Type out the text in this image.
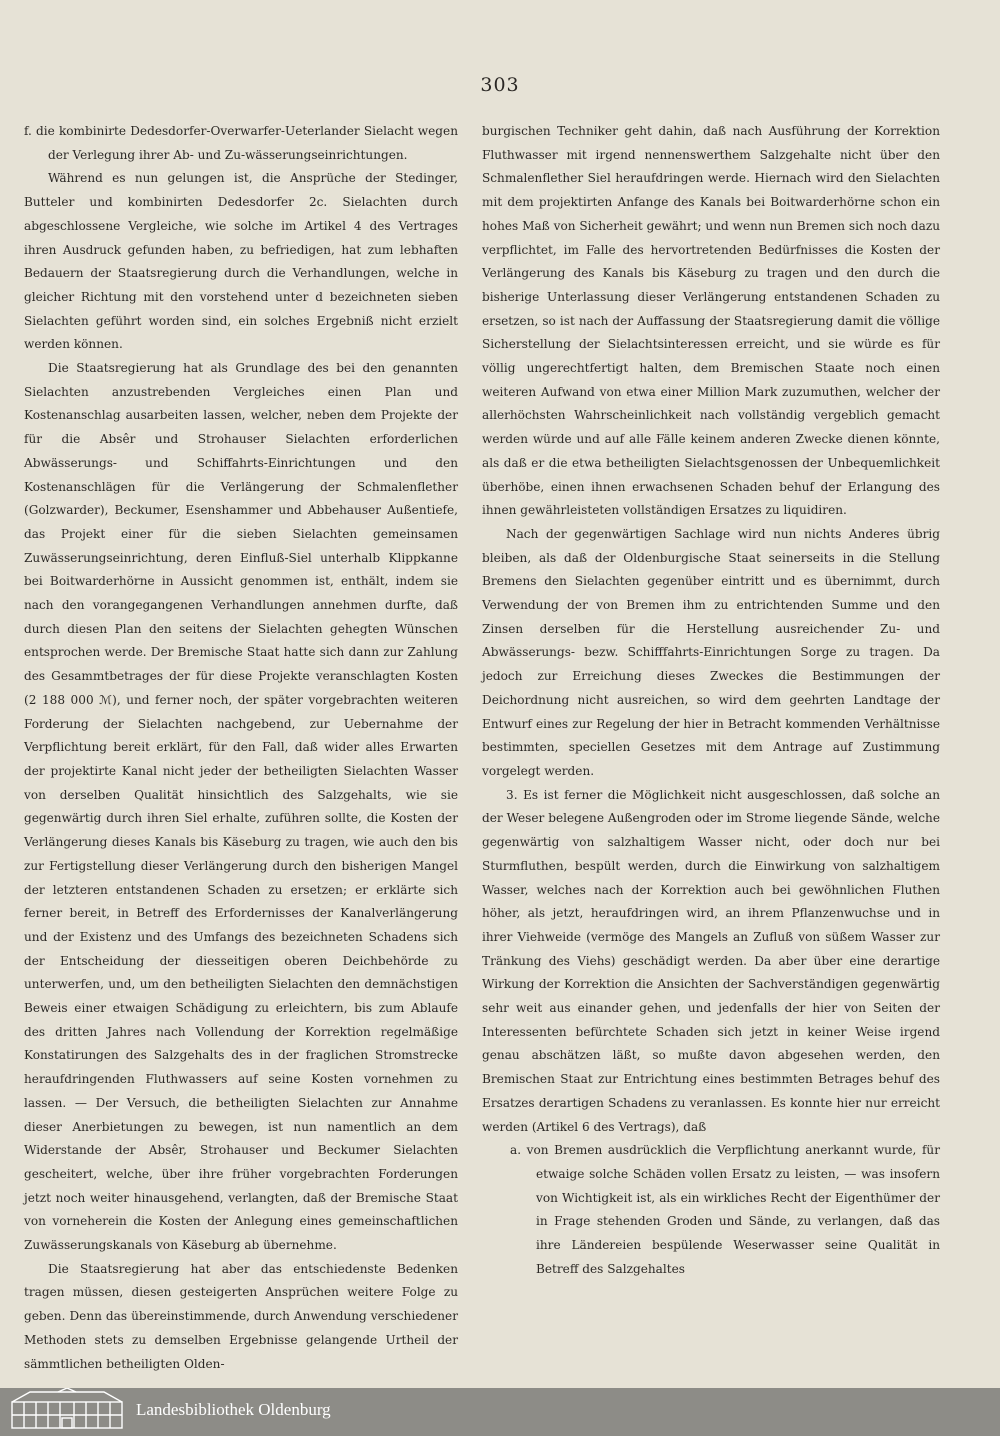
303

f. die kombinirte Dedesdorfer-Overwarfer-Ueterlander Sielacht wegen der Verlegung ihrer Ab- und Zu-wässerungseinrichtungen.

Während es nun gelungen ist, die Ansprüche der Stedinger, Butteler und kombinirten Dedesdorfer 2c. Sielachten durch abgeschlossene Vergleiche, wie solche im Artikel 4 des Vertrages ihren Ausdruck gefunden haben, zu befriedigen, hat zum lebhaften Bedauern der Staatsregierung durch die Verhandlungen, welche in gleicher Richtung mit den vorstehend unter d bezeichneten sieben Sielachten geführt worden sind, ein solches Ergebniß nicht erzielt werden können.

Die Staatsregierung hat als Grundlage des bei den genannten Sielachten anzustrebenden Vergleiches einen Plan und Kostenanschlag ausarbeiten lassen, welcher, neben dem Projekte der für die Absêr und Strohauser Sielachten erforderlichen Abwässerungs- und Schiffahrts-Einrichtungen und den Kostenanschlägen für die Verlängerung der Schmalenflether (Golzwarder), Beckumer, Esenshammer und Abbehauser Außentiefe, das Projekt einer für die sieben Sielachten gemeinsamen Zuwässerungseinrichtung, deren Einfluß-Siel unterhalb Klippkanne bei Boitwarderhörne in Aussicht genommen ist, enthält, indem sie nach den vorangegangenen Verhandlungen annehmen durfte, daß durch diesen Plan den seitens der Sielachten gehegten Wünschen entsprochen werde. Der Bremische Staat hatte sich dann zur Zahlung des Gesammtbetrages der für diese Projekte veranschlagten Kosten (2 188 000 ℳ), und ferner noch, der später vorgebrachten weiteren Forderung der Sielachten nachgebend, zur Uebernahme der Verpflichtung bereit erklärt, für den Fall, daß wider alles Erwarten der projektirte Kanal nicht jeder der betheiligten Sielachten Wasser von derselben Qualität hinsichtlich des Salzgehalts, wie sie gegenwärtig durch ihren Siel erhalte, zuführen sollte, die Kosten der Verlängerung dieses Kanals bis Käseburg zu tragen, wie auch den bis zur Fertigstellung dieser Verlängerung durch den bisherigen Mangel der letzteren entstandenen Schaden zu ersetzen; er erklärte sich ferner bereit, in Betreff des Erfordernisses der Kanalverlängerung und der Existenz und des Umfangs des bezeichneten Schadens sich der Entscheidung der diesseitigen oberen Deichbehörde zu unterwerfen, und, um den betheiligten Sielachten den demnächstigen Beweis einer etwaigen Schädigung zu erleichtern, bis zum Ablaufe des dritten Jahres nach Vollendung der Korrektion regelmäßige Konstatirungen des Salzgehalts des in der fraglichen Stromstrecke heraufdringenden Fluthwassers auf seine Kosten vornehmen zu lassen. — Der Versuch, die betheiligten Sielachten zur Annahme dieser Anerbietungen zu bewegen, ist nun namentlich an dem Widerstande der Absêr, Strohauser und Beckumer Sielachten gescheitert, welche, über ihre früher vorgebrachten Forderungen jetzt noch weiter hinausgehend, verlangten, daß der Bremische Staat von vorneherein die Kosten der Anlegung eines gemeinschaftlichen Zuwässerungskanals von Käseburg ab übernehme.

Die Staatsregierung hat aber das entschiedenste Bedenken tragen müssen, diesen gesteigerten Ansprüchen weitere Folge zu geben. Denn das übereinstimmende, durch Anwendung verschiedener Methoden stets zu demselben Ergebnisse gelangende Urtheil der sämmtlichen betheiligten Olden-

burgischen Techniker geht dahin, daß nach Ausführung der Korrektion Fluthwasser mit irgend nennenswerthem Salzgehalte nicht über den Schmalenflether Siel heraufdringen werde. Hiernach wird den Sielachten mit dem projektirten Anfange des Kanals bei Boitwarderhörne schon ein hohes Maß von Sicherheit gewährt; und wenn nun Bremen sich noch dazu verpflichtet, im Falle des hervortretenden Bedürfnisses die Kosten der Verlängerung des Kanals bis Käseburg zu tragen und den durch die bisherige Unterlassung dieser Verlängerung entstandenen Schaden zu ersetzen, so ist nach der Auffassung der Staatsregierung damit die völlige Sicherstellung der Sielachtsinteressen erreicht, und sie würde es für völlig ungerechtfertigt halten, dem Bremischen Staate noch einen weiteren Aufwand von etwa einer Million Mark zuzumuthen, welcher der allerhöchsten Wahrscheinlichkeit nach vollständig vergeblich gemacht werden würde und auf alle Fälle keinem anderen Zwecke dienen könnte, als daß er die etwa betheiligten Sielachtsgenossen der Unbequemlichkeit überhöbe, einen ihnen erwachsenen Schaden behuf der Erlangung des ihnen gewährleisteten vollständigen Ersatzes zu liquidiren.

Nach der gegenwärtigen Sachlage wird nun nichts Anderes übrig bleiben, als daß der Oldenburgische Staat seinerseits in die Stellung Bremens den Sielachten gegenüber eintritt und es übernimmt, durch Verwendung der von Bremen ihm zu entrichtenden Summe und den Zinsen derselben für die Herstellung ausreichender Zu- und Abwässerungs- bezw. Schifffahrts-Einrichtungen Sorge zu tragen. Da jedoch zur Erreichung dieses Zweckes die Bestimmungen der Deichordnung nicht ausreichen, so wird dem geehrten Landtage der Entwurf eines zur Regelung der hier in Betracht kommenden Verhältnisse bestimmten, speciellen Gesetzes mit dem Antrage auf Zustimmung vorgelegt werden.

3. Es ist ferner die Möglichkeit nicht ausgeschlossen, daß solche an der Weser belegene Außengroden oder im Strome liegende Sände, welche gegenwärtig von salzhaltigem Wasser nicht, oder doch nur bei Sturmfluthen, bespült werden, durch die Einwirkung von salzhaltigem Wasser, welches nach der Korrektion auch bei gewöhnlichen Fluthen höher, als jetzt, heraufdringen wird, an ihrem Pflanzenwuchse und in ihrer Viehweide (vermöge des Mangels an Zufluß von süßem Wasser zur Tränkung des Viehs) geschädigt werden. Da aber über eine derartige Wirkung der Korrektion die Ansichten der Sachverständigen gegenwärtig sehr weit aus einander gehen, und jedenfalls der hier von Seiten der Interessenten befürchtete Schaden sich jetzt in keiner Weise irgend genau abschätzen läßt, so mußte davon abgesehen werden, den Bremischen Staat zur Entrichtung eines bestimmten Betrages behuf des Ersatzes derartigen Schadens zu veranlassen. Es konnte hier nur erreicht werden (Artikel 6 des Vertrags), daß

a. von Bremen ausdrücklich die Verpflichtung anerkannt wurde, für etwaige solche Schäden vollen Ersatz zu leisten, — was insofern von Wichtigkeit ist, als ein wirkliches Recht der Eigenthümer der in Frage stehenden Groden und Sände, zu verlangen, daß das ihre Ländereien bespülende Weserwasser seine Qualität in Betreff des Salzgehaltes

Landesbibliothek Oldenburg
